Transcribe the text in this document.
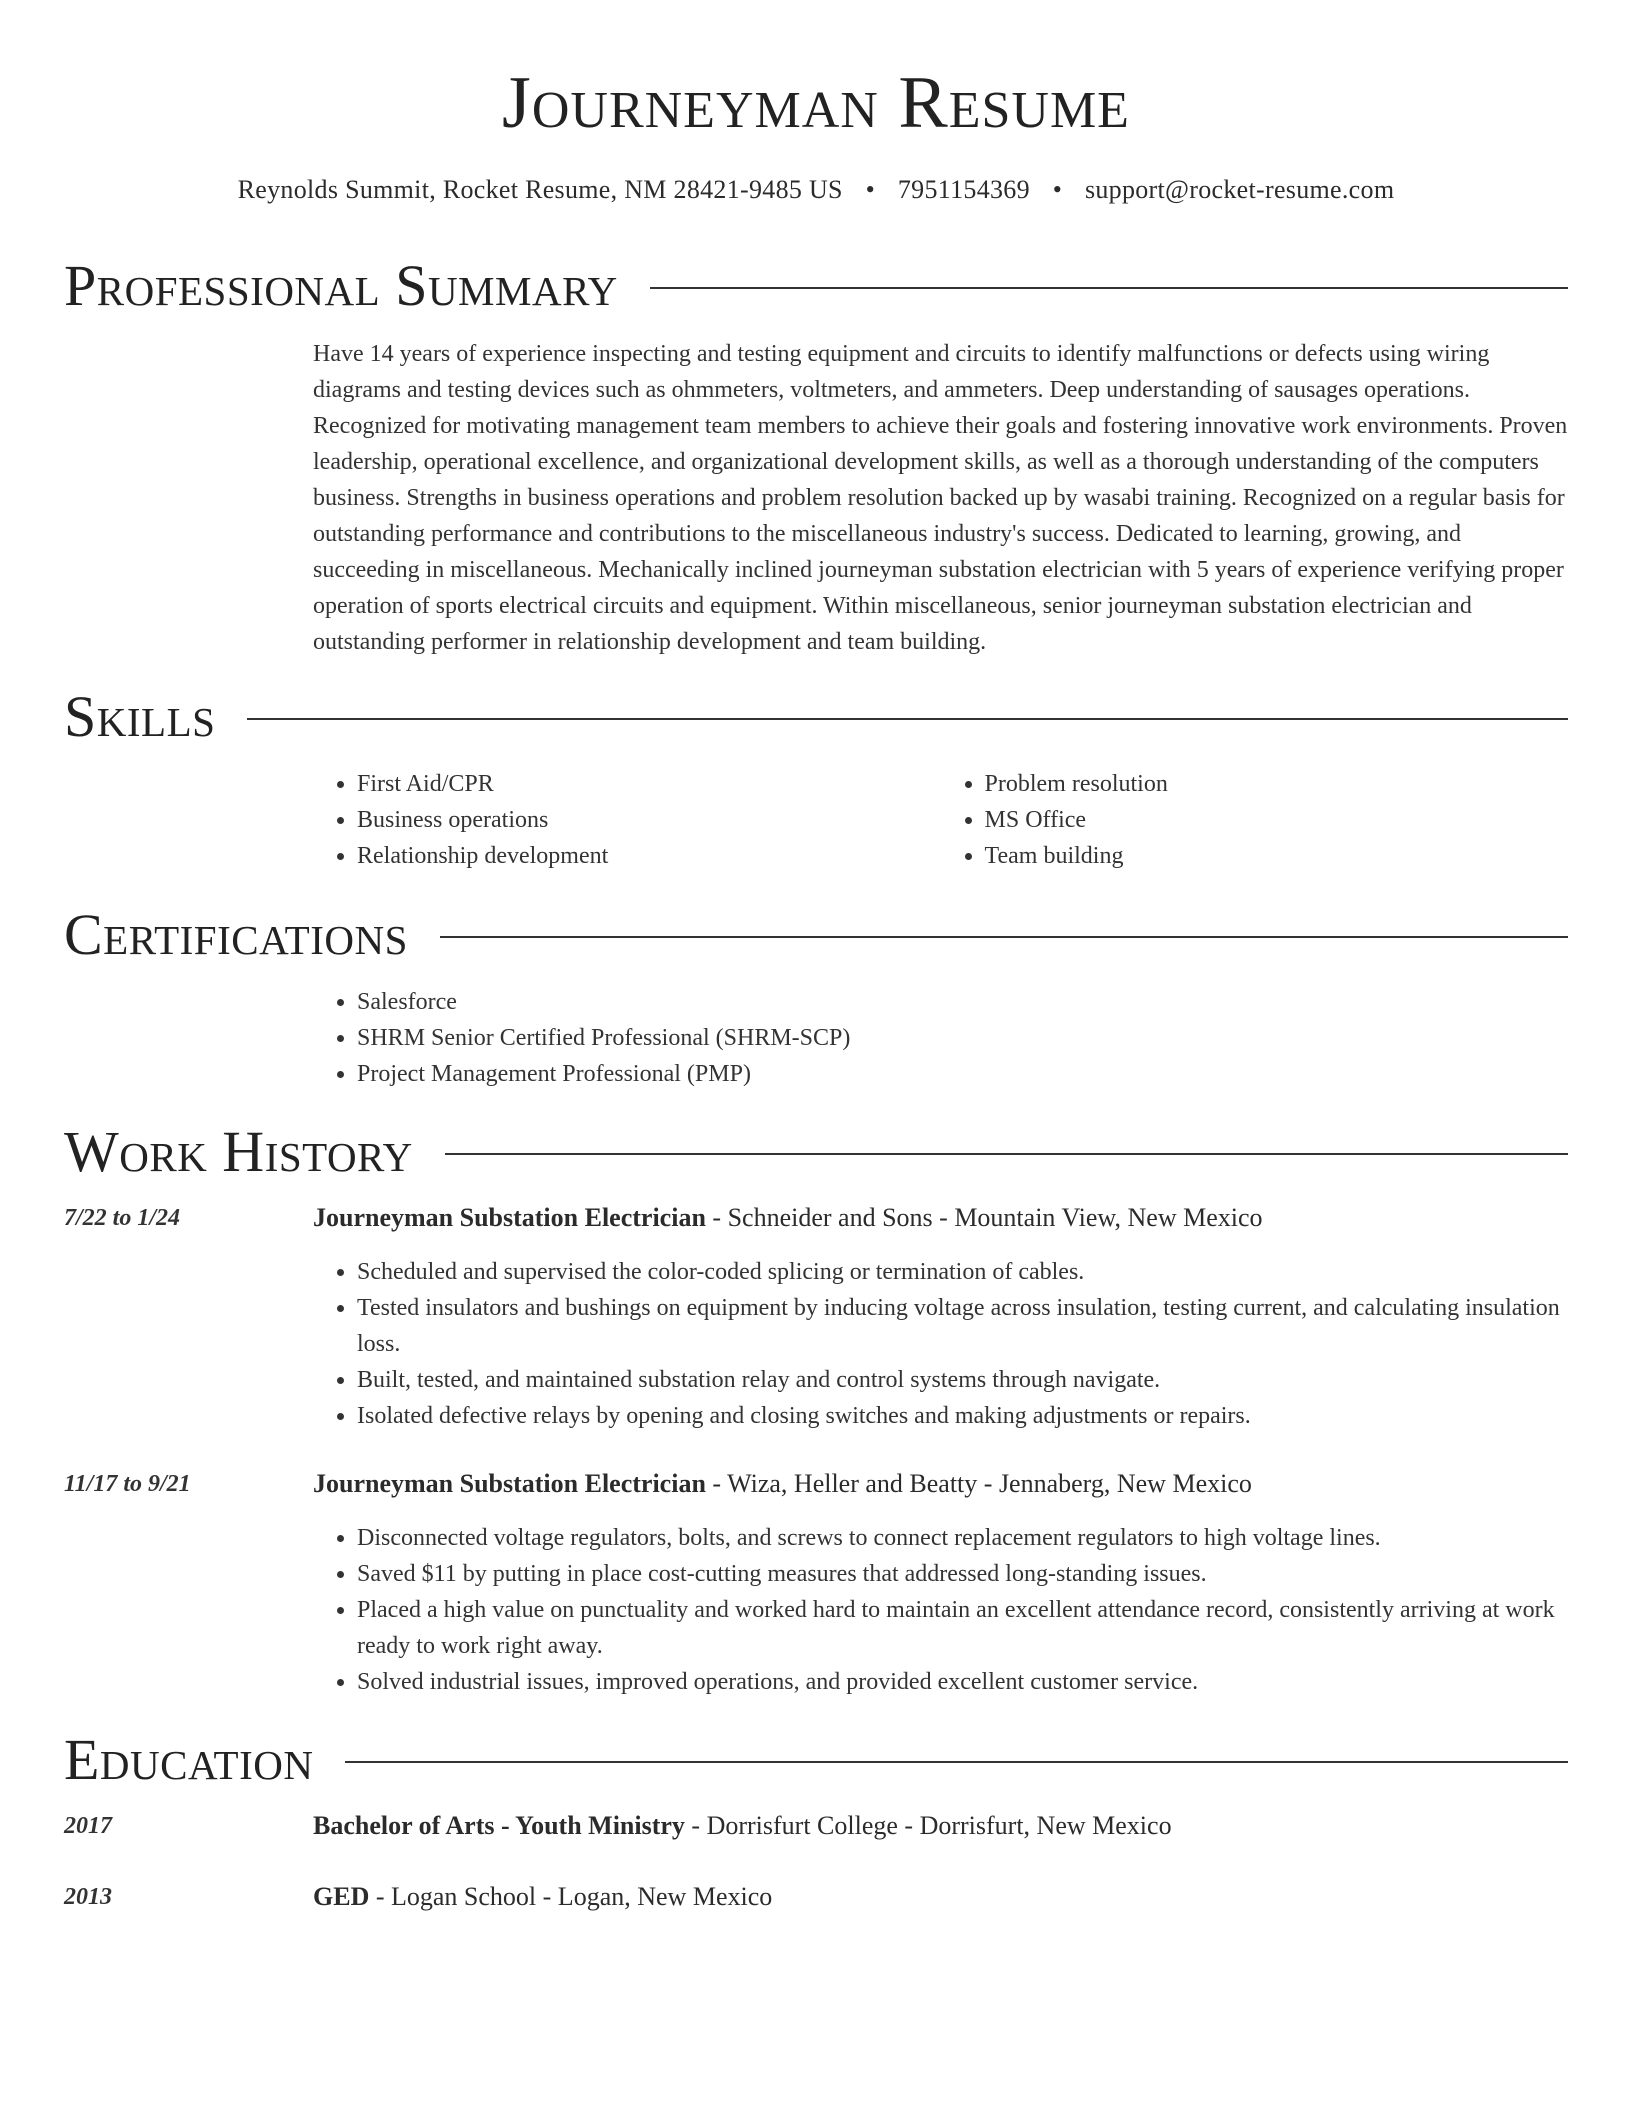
Journeyman Resume
Reynolds Summit, Rocket Resume, NM 28421-9485 US • 7951154369 • support@rocket-resume.com
Professional Summary

Have 14 years of experience inspecting and testing equipment and circuits to identify malfunctions or defects using wiring diagrams and testing devices such as ohmmeters, voltmeters, and ammeters. Deep understanding of sausages operations. Recognized for motivating management team members to achieve their goals and fostering innovative work environments. Proven leadership, operational excellence, and organizational development skills, as well as a thorough understanding of the computers business. Strengths in business operations and problem resolution backed up by wasabi training. Recognized on a regular basis for outstanding performance and contributions to the miscellaneous industry's success. Dedicated to learning, growing, and succeeding in miscellaneous. Mechanically inclined journeyman substation electrician with 5 years of experience verifying proper operation of sports electrical circuits and equipment. Within miscellaneous, senior journeyman substation electrician and outstanding performer in relationship development and team building.

Skills
• First Aid/CPR
• Business operations
• Relationship development
• Problem resolution
• MS Office
• Team building
Certifications
• Salesforce
• SHRM Senior Certified Professional (SHRM-SCP)
• Project Management Professional (PMP)
Work History
7/22 to 1/24	Journeyman Substation Electrician - Schneider and Sons - Mountain View, New Mexico
• Scheduled and supervised the color-coded splicing or termination of cables.
• Tested insulators and bushings on equipment by inducing voltage across insulation, testing current, and calculating insulation loss.
• Built, tested, and maintained substation relay and control systems through navigate.
• Isolated defective relays by opening and closing switches and making adjustments or repairs.
11/17 to 9/21	Journeyman Substation Electrician - Wiza, Heller and Beatty - Jennaberg, New Mexico
• Disconnected voltage regulators, bolts, and screws to connect replacement regulators to high voltage lines.
• Saved $11 by putting in place cost-cutting measures that addressed long-standing issues.
• Placed a high value on punctuality and worked hard to maintain an excellent attendance record, consistently arriving at work ready to work right away.
• Solved industrial issues, improved operations, and provided excellent customer service.
Education
2017	Bachelor of Arts - Youth Ministry - Dorrisfurt College - Dorrisfurt, New Mexico
2013	GED - Logan School - Logan, New Mexico
